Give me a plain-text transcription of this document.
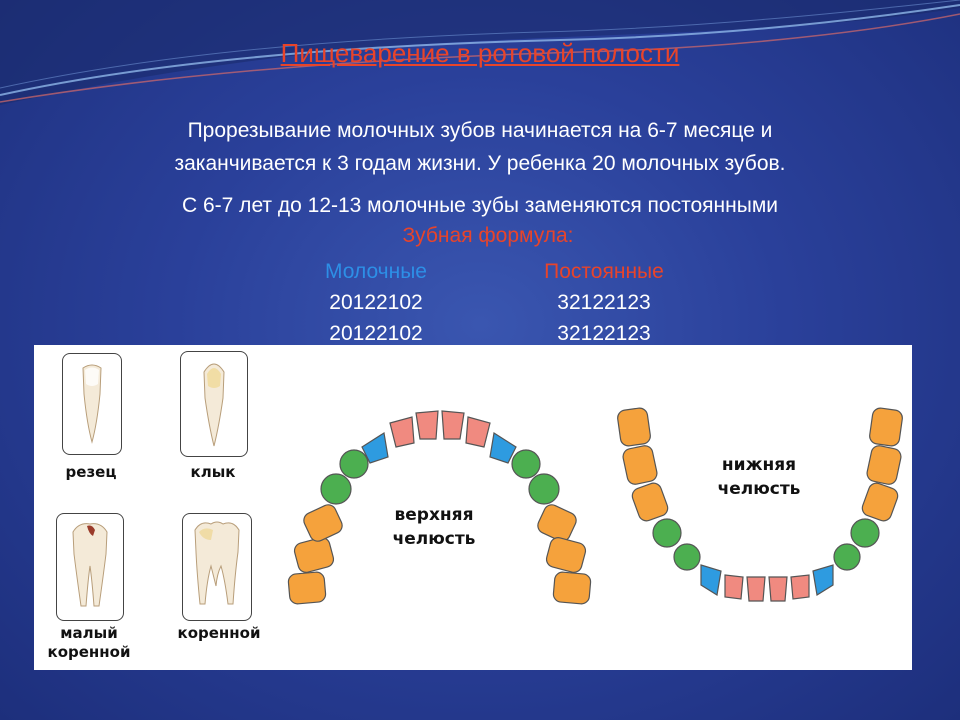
Пищеварение в ротовой полости
Прорезывание молочных зубов начинается на 6-7 месяце и
заканчивается к 3 годам жизни. У ребенка 20 молочных зубов.
С 6-7 лет до 12-13 молочные зубы заменяются постоянными
Зубная формула:
Молочные
20122102
20122102
Постоянные
32122123
32122123
резец	клык
малый
коренной
коренной
верхняя
челюсть
нижняя
челюсть
